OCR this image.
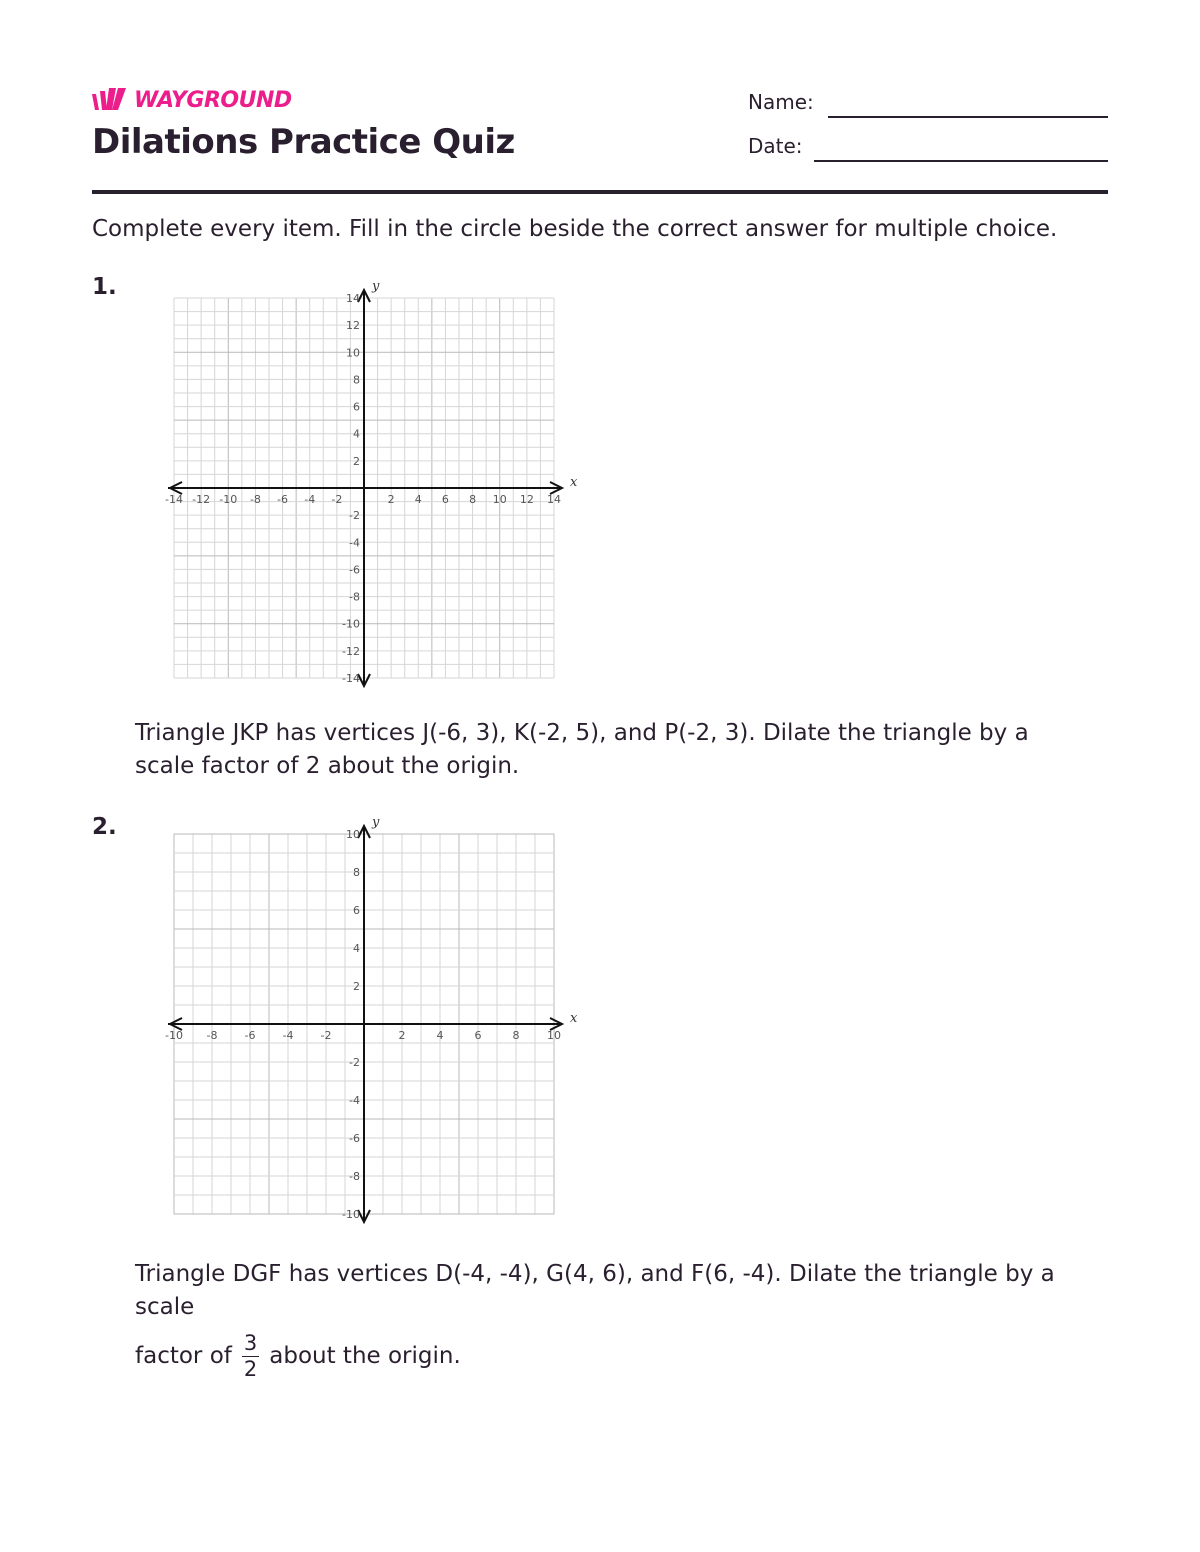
WAYGROUND
Dilations Practice Quiz
Name:
Date:

Complete every item. Fill in the circle beside the correct answer for multiple choice.

1.
x
y
-14 -12 -10 -8 -6 -4 -2	2 4 6 8 10 12 14
14
12
10
8
6
4
2
-2
-4
-6
-8
-10
-12
-14

Triangle JKP has vertices J(-6, 3), K(-2, 5), and P(-2, 3). Dilate the triangle by a scale factor of 2 about the origin.

2.
x
y
-10 -8 -6 -4 -2	2	4	6	8	10
10
8
6
4
2
-2
-4
-6
-8
-10
Triangle DGF has vertices D(-4, -4), G(4, 6), and F(6, -4). Dilate the triangle by a scale
factor of $\frac{3}{2}$ about the origin.
